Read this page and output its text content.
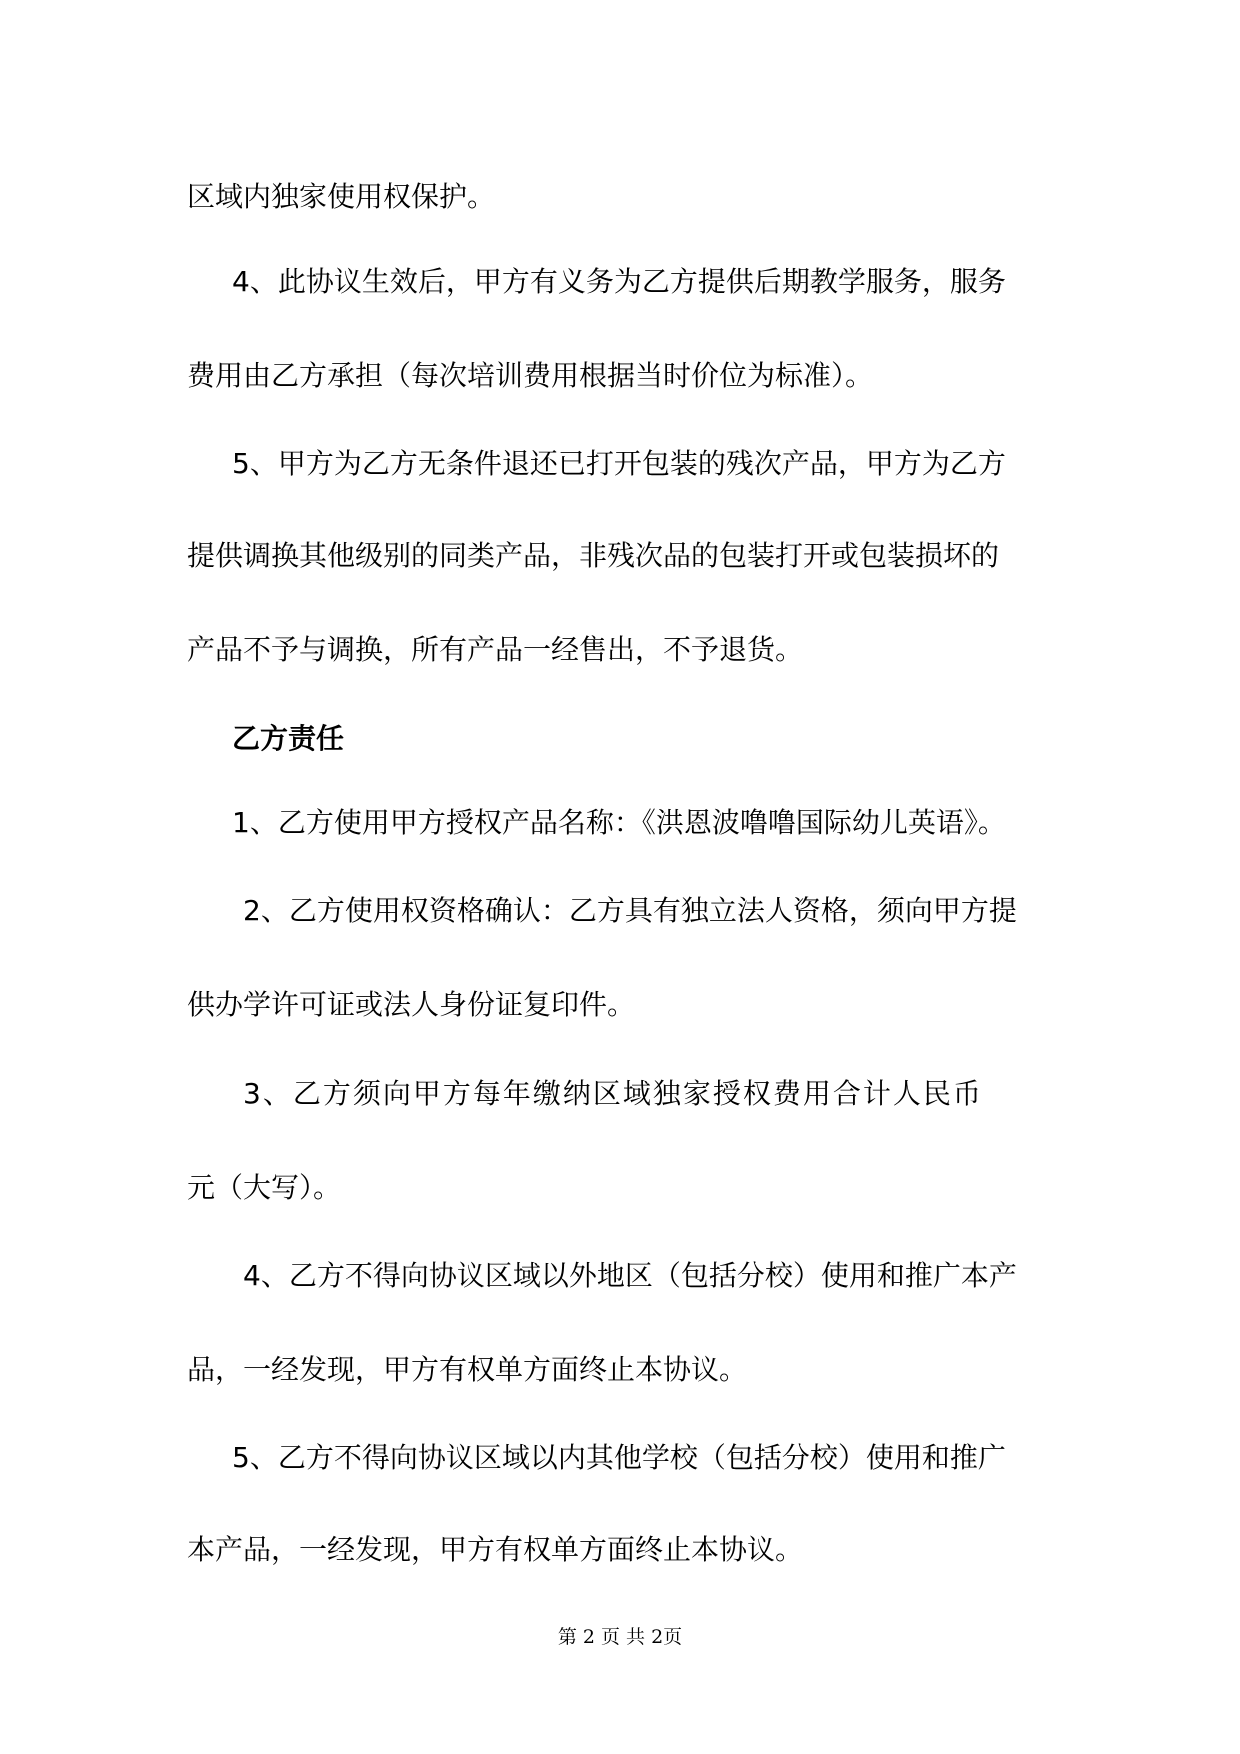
区域内独家使用权保护。
4、此协议生效后，甲方有义务为乙方提供后期教学服务，服务
费用由乙方承担（每次培训费用根据当时价位为标准）。
5、甲方为乙方无条件退还已打开包装的残次产品，甲方为乙方
提供调换其他级别的同类产品，非残次品的包装打开或包装损坏的
产品不予与调换，所有产品一经售出，不予退货。
乙方责任
1、乙方使用甲方授权产品名称：《洪恩波噜噜国际幼儿英语》。
2、乙方使用权资格确认：乙方具有独立法人资格，须向甲方提
供办学许可证或法人身份证复印件。
3、乙方须向甲方每年缴纳区域独家授权费用合计人民币
元（大写）。
4、乙方不得向协议区域以外地区（包括分校）使用和推广本产
品，一经发现，甲方有权单方面终止本协议。
5、乙方不得向协议区域以内其他学校（包括分校）使用和推广
本产品，一经发现，甲方有权单方面终止本协议。
第 2 页 共 2页
